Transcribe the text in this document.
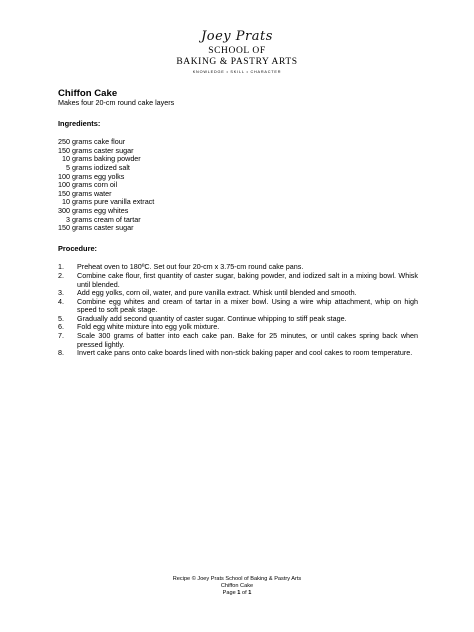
Joey Prats
SCHOOL OF
BAKING & PASTRY ARTS
KNOWLEDGE • SKILL • CHARACTER
Chiffon Cake
Makes four 20-cm round cake layers
Ingredients:
250 grams cake flour
150 grams caster sugar
10 grams baking powder
5 grams iodized salt
100 grams egg yolks
100 grams corn oil
150 grams water
10 grams pure vanilla extract
300 grams egg whites
3 grams cream of tartar
150 grams caster sugar
Procedure:
1. Preheat oven to 180ºC. Set out four 20-cm x 3.75-cm round cake pans.
2. Combine cake flour, first quantity of caster sugar, baking powder, and iodized salt in a mixing bowl. Whisk until blended.
3. Add egg yolks, corn oil, water, and pure vanilla extract. Whisk until blended and smooth.
4. Combine egg whites and cream of tartar in a mixer bowl. Using a wire whip attachment, whip on high speed to soft peak stage.
5. Gradually add second quantity of caster sugar. Continue whipping to stiff peak stage.
6. Fold egg white mixture into egg yolk mixture.
7. Scale 300 grams of batter into each cake pan. Bake for 25 minutes, or until cakes spring back when pressed lightly.
8. Invert cake pans onto cake boards lined with non-stick baking paper and cool cakes to room temperature.
Recipe © Joey Prats School of Baking & Pastry Arts
Chiffon Cake
Page 1 of 1
